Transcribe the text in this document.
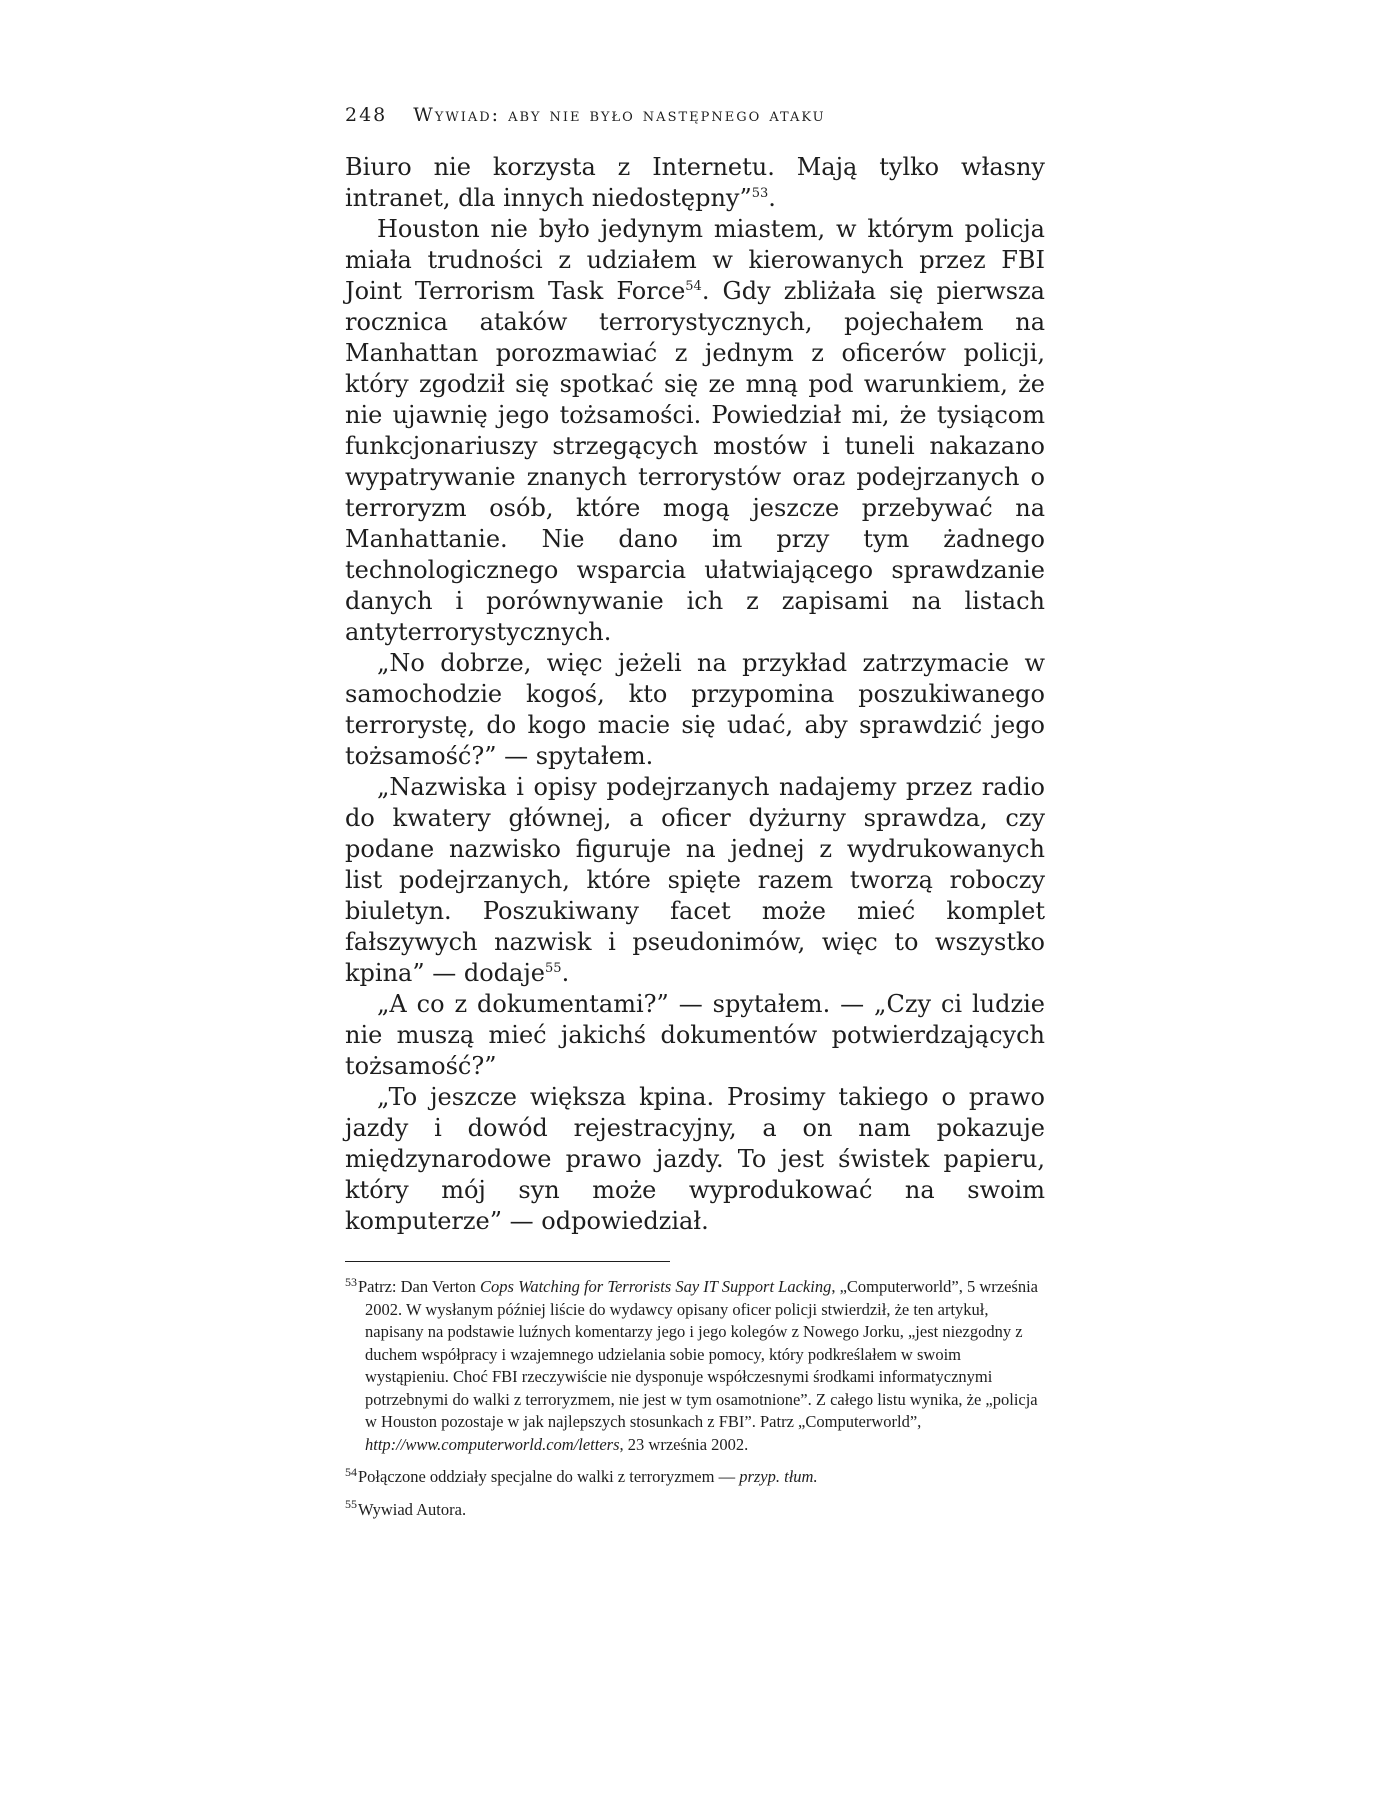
248 Wywiad: aby nie było następnego ataku

Biuro nie korzysta z Internetu. Mają tylko własny intranet, dla innych niedostępny”$^{53}$.

Houston nie było jedynym miastem, w którym policja miała trudności z udziałem w kierowanych przez FBI Joint Terrorism Task Force$^{54}$. Gdy zbliżała się pierwsza rocznica ataków terrorystycznych, pojechałem na Manhattan porozmawiać z jednym z oficerów policji, który zgodził się spotkać się ze mną pod warunkiem, że nie ujawnię jego tożsamości. Powiedział mi, że tysiącom funkcjonariuszy strzegących mostów i tuneli nakazano wypatrywanie znanych terrorystów oraz podejrzanych o terroryzm osób, które mogą jeszcze przebywać na Manhattanie. Nie dano im przy tym żadnego technologicznego wsparcia ułatwiającego sprawdzanie danych i porównywanie ich z zapisami na listach antyterrorystycznych.

„No dobrze, więc jeżeli na przykład zatrzymacie w samochodzie kogoś, kto przypomina poszukiwanego terrorystę, do kogo macie się udać, aby sprawdzić jego tożsamość?” — spytałem.

„Nazwiska i opisy podejrzanych nadajemy przez radio do kwatery głównej, a oficer dyżurny sprawdza, czy podane nazwisko figuruje na jednej z wydrukowanych list podejrzanych, które spięte razem tworzą roboczy biuletyn. Poszukiwany facet może mieć komplet fałszywych nazwisk i pseudonimów, więc to wszystko kpina” — dodaje$^{55}$.

„A co z dokumentami?” — spytałem. — „Czy ci ludzie nie muszą mieć jakichś dokumentów potwierdzających tożsamość?”

„To jeszcze większa kpina. Prosimy takiego o prawo jazdy i dowód rejestracyjny, a on nam pokazuje międzynarodowe prawo jazdy. To jest świstek papieru, który mój syn może wyprodukować na swoim komputerze” — odpowiedział.

$^{53}$Patrz: Dan Verton Cops Watching for Terrorists Say IT Support Lacking, „Computerworld”, 5 września 2002. W wysłanym później liście do wydawcy opisany oficer policji stwierdził, że ten artykuł, napisany na podstawie luźnych komentarzy jego i jego kolegów z Nowego Jorku, „jest niezgodny z duchem współpracy i wzajemnego udzielania sobie pomocy, który podkreślałem w swoim wystąpieniu. Choć FBI rzeczywiście nie dysponuje współczesnymi środkami informatycznymi potrzebnymi do walki z terroryzmem, nie jest w tym osamotnione”. Z całego listu wynika, że „policja w Houston pozostaje w jak najlepszych stosunkach z FBI”. Patrz „Computerworld”, http://www.computerworld.com/letters, 23 września 2002.

$^{54}$Połączone oddziały specjalne do walki z terroryzmem — przyp. tłum.

$^{55}$Wywiad Autora.
